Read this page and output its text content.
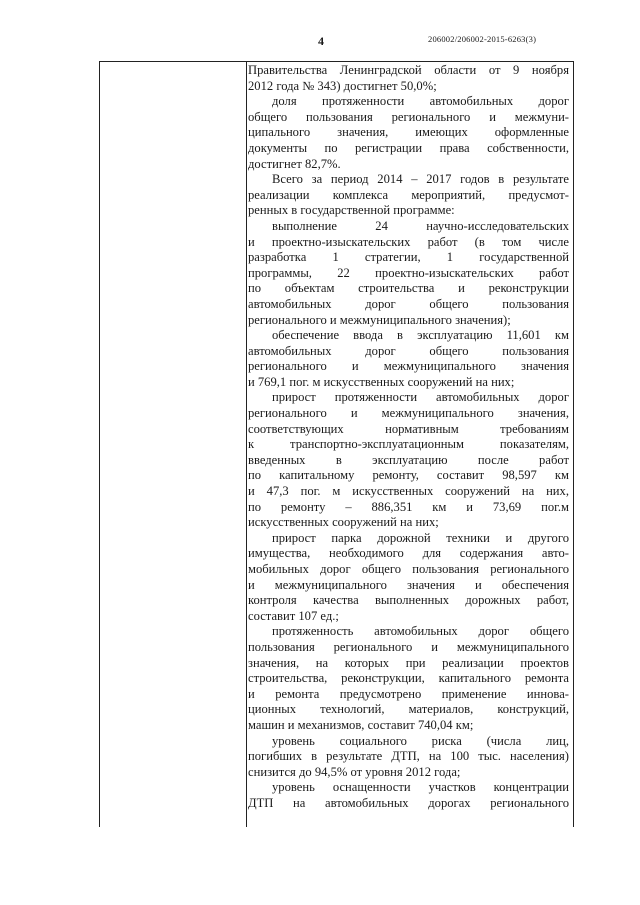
4	206002/206002-2015-6263(3)

Правительства Ленинградской области от 9 ноября

2012 года № 343) достигнет 50,0%;

доля протяженности автомобильных дорог

общего пользования регионального и межмуни-

ципального значения, имеющих оформленные

документы по регистрации права собственности,

достигнет 82,7%.

Всего за период 2014 – 2017 годов в результате

реализации комплекса мероприятий, предусмот-

ренных в государственной программе:

выполнение 24 научно-исследовательских

и проектно-изыскательских работ (в том числе

разработка 1 стратегии, 1 государственной

программы, 22 проектно-изыскательских работ

по объектам строительства и реконструкции

автомобильных дорог общего пользования

регионального и межмуниципального значения);

обеспечение ввода в эксплуатацию 11,601 км

автомобильных дорог общего пользования

регионального и межмуниципального значения

и 769,1 пог. м искусственных сооружений на них;

прирост протяженности автомобильных дорог

регионального и межмуниципального значения,

соответствующих нормативным требованиям

к транспортно-эксплуатационным показателям,

введенных в эксплуатацию после работ

по капитальному ремонту, составит 98,597 км

и 47,3 пог. м искусственных сооружений на них,

по ремонту – 886,351 км и 73,69 пог.м

искусственных сооружений на них;

прирост парка дорожной техники и другого

имущества, необходимого для содержания авто-

мобильных дорог общего пользования регионального

и межмуниципального значения и обеспечения

контроля качества выполненных дорожных работ,

составит 107 ед.;

протяженность автомобильных дорог общего

пользования регионального и межмуниципального

значения, на которых при реализации проектов

строительства, реконструкции, капитального ремонта

и ремонта предусмотрено применение иннова-

ционных технологий, материалов, конструкций,

машин и механизмов, составит 740,04 км;

уровень социального риска (числа лиц,

погибших в результате ДТП, на 100 тыс. населения)

снизится до 94,5% от уровня 2012 года;

уровень оснащенности участков концентрации

ДТП на автомобильных дорогах регионального
